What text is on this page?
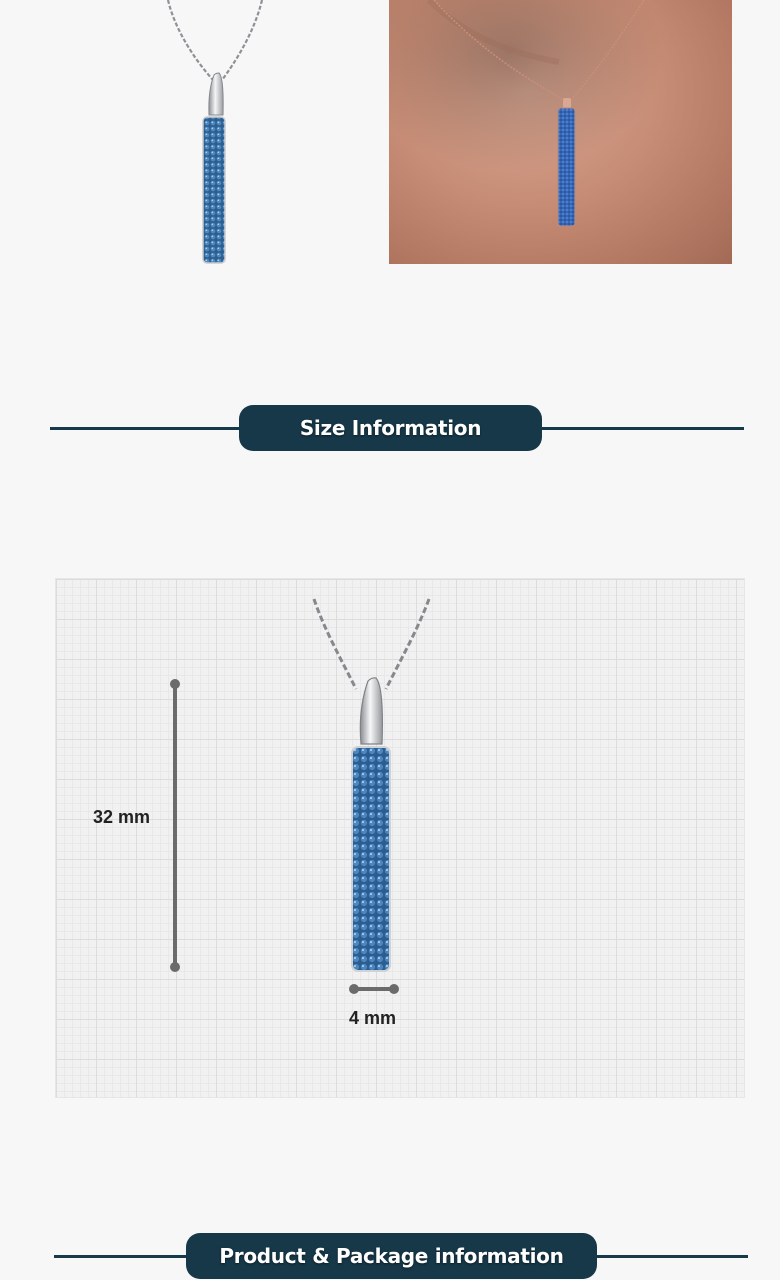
Size Information
32 mm
4 mm
Product & Package information
